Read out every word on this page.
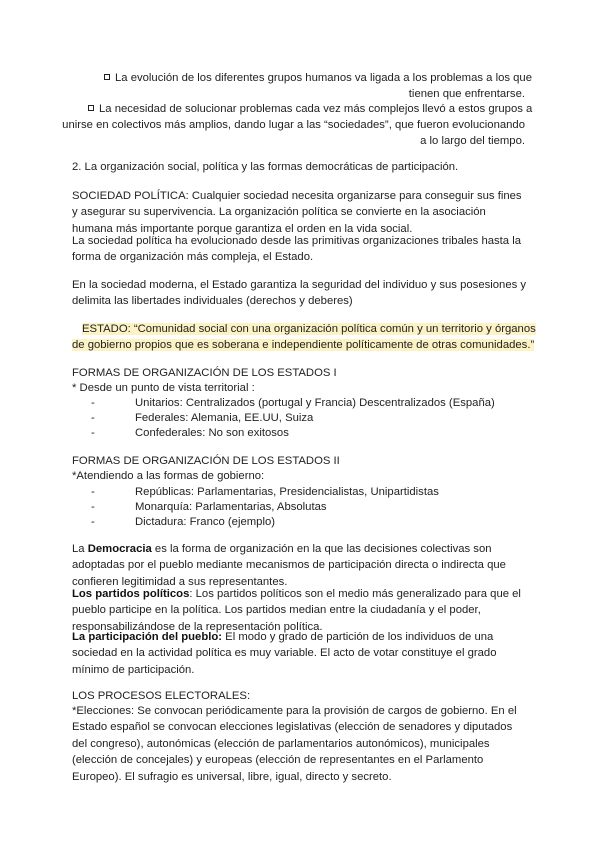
La evolución de los diferentes grupos humanos va ligada a los problemas a los que
tienen que enfrentarse.
La necesidad de solucionar problemas cada vez más complejos llevó a estos grupos a
unirse en colectivos más amplios, dando lugar a las “sociedades”, que fueron evolucionando
a lo largo del tiempo.
2. La organización social, política y las formas democráticas de participación.

SOCIEDAD POLÍTICA: Cualquier sociedad necesita organizarse para conseguir sus fines y asegurar su supervivencia. La organización política se convierte en la asociación humana más importante porque garantiza el orden en la vida social.

La sociedad política ha evolucionado desde las primitivas organizaciones tribales hasta la forma de organización más compleja, el Estado.

En la sociedad moderna, el Estado garantiza la seguridad del individuo y sus posesiones y delimita las libertades individuales (derechos y deberes)

ESTADO: “Comunidad social con una organización política común y un territorio y órganos
de gobierno propios que es soberana e independiente políticamente de otras comunidades.”
FORMAS DE ORGANIZACIÓN DE LOS ESTADOS I
* Desde un punto de vista territorial :
-	Unitarios: Centralizados (portugal y Francia) Descentralizados (España)
-	Federales: Alemania, EE.UU, Suiza
-	Confederales: No son exitosos
FORMAS DE ORGANIZACIÓN DE LOS ESTADOS II
*Atendiendo a las formas de gobierno:
-	Repúblicas: Parlamentarias, Presidencialistas, Unipartidistas
-	Monarquía: Parlamentarias, Absolutas
-	Dictadura: Franco (ejemplo)

La Democracia es la forma de organización en la que las decisiones colectivas son adoptadas por el pueblo mediante mecanismos de participación directa o indirecta que confieren legitimidad a sus representantes.

Los partidos políticos: Los partidos políticos son el medio más generalizado para que el pueblo participe en la política. Los partidos median entre la ciudadanía y el poder, responsabilizándose de la representación política.

La participación del pueblo: El modo y grado de partición de los individuos de una sociedad en la actividad política es muy variable. El acto de votar constituye el grado mínimo de participación.

LOS PROCESOS ELECTORALES:

*Elecciones: Se convocan periódicamente para la provisión de cargos de gobierno. En el Estado español se convocan elecciones legislativas (elección de senadores y diputados del congreso), autonómicas (elección de parlamentarios autonómicos), municipales (elección de concejales) y europeas (elección de representantes en el Parlamento Europeo). El sufragio es universal, libre, igual, directo y secreto.
